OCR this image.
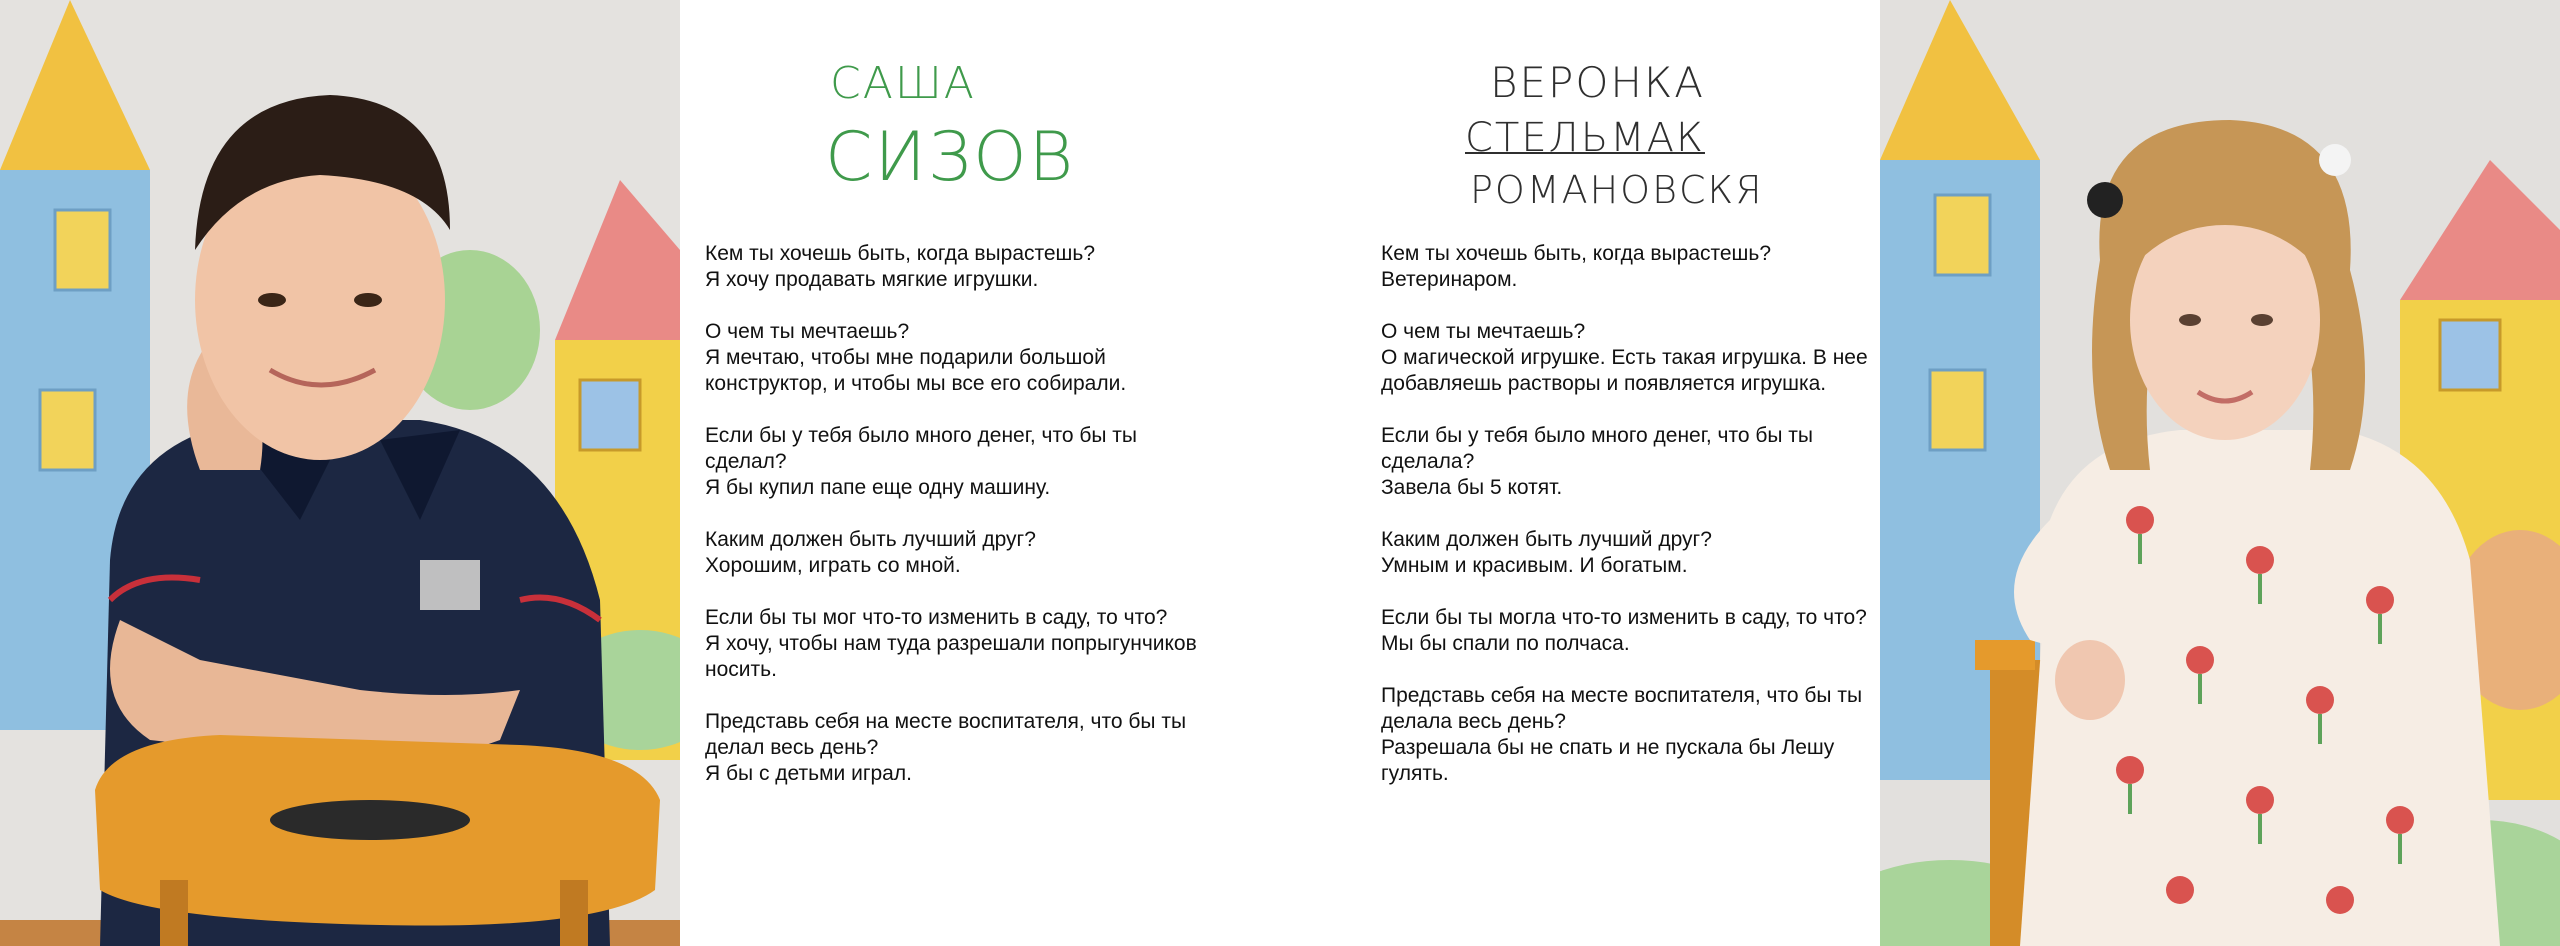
САША
СИЗОВ

Кем ты хочешь быть, когда вырастешь?

Я хочу продавать мягкие игрушки.

О чем ты мечтаешь?

Я мечтаю, чтобы мне подарили большой конструктор, и чтобы мы все его собирали.

Если бы у тебя было много денег, что бы ты сделал?

Я бы купил папе еще одну машину.

Каким должен быть лучший друг?

Хорошим, играть со мной.

Если бы ты мог что-то изменить в саду, то что?

Я хочу, чтобы нам туда разрешали попрыгунчиков носить.

Представь себя на месте воспитателя, что бы ты делал весь день?

Я бы с детьми играл.

ВЕРОНКА
СТЕЛЬМАК
РОМАНОВСКЯ

Кем ты хочешь быть, когда вырастешь?

Ветеринаром.

О чем ты мечтаешь?

О магической игрушке. Есть такая игрушка. В нее добавляешь растворы и появляется игрушка.

Если бы у тебя было много денег, что бы ты сделала?

Завела бы 5 котят.

Каким должен быть лучший друг?

Умным и красивым. И богатым.

Если бы ты могла что-то изменить в саду, то что?

Мы бы спали по полчаса.

Представь себя на месте воспитателя, что бы ты делала весь день?

Разрешала бы не спать и не пускала бы Лешу гулять.
